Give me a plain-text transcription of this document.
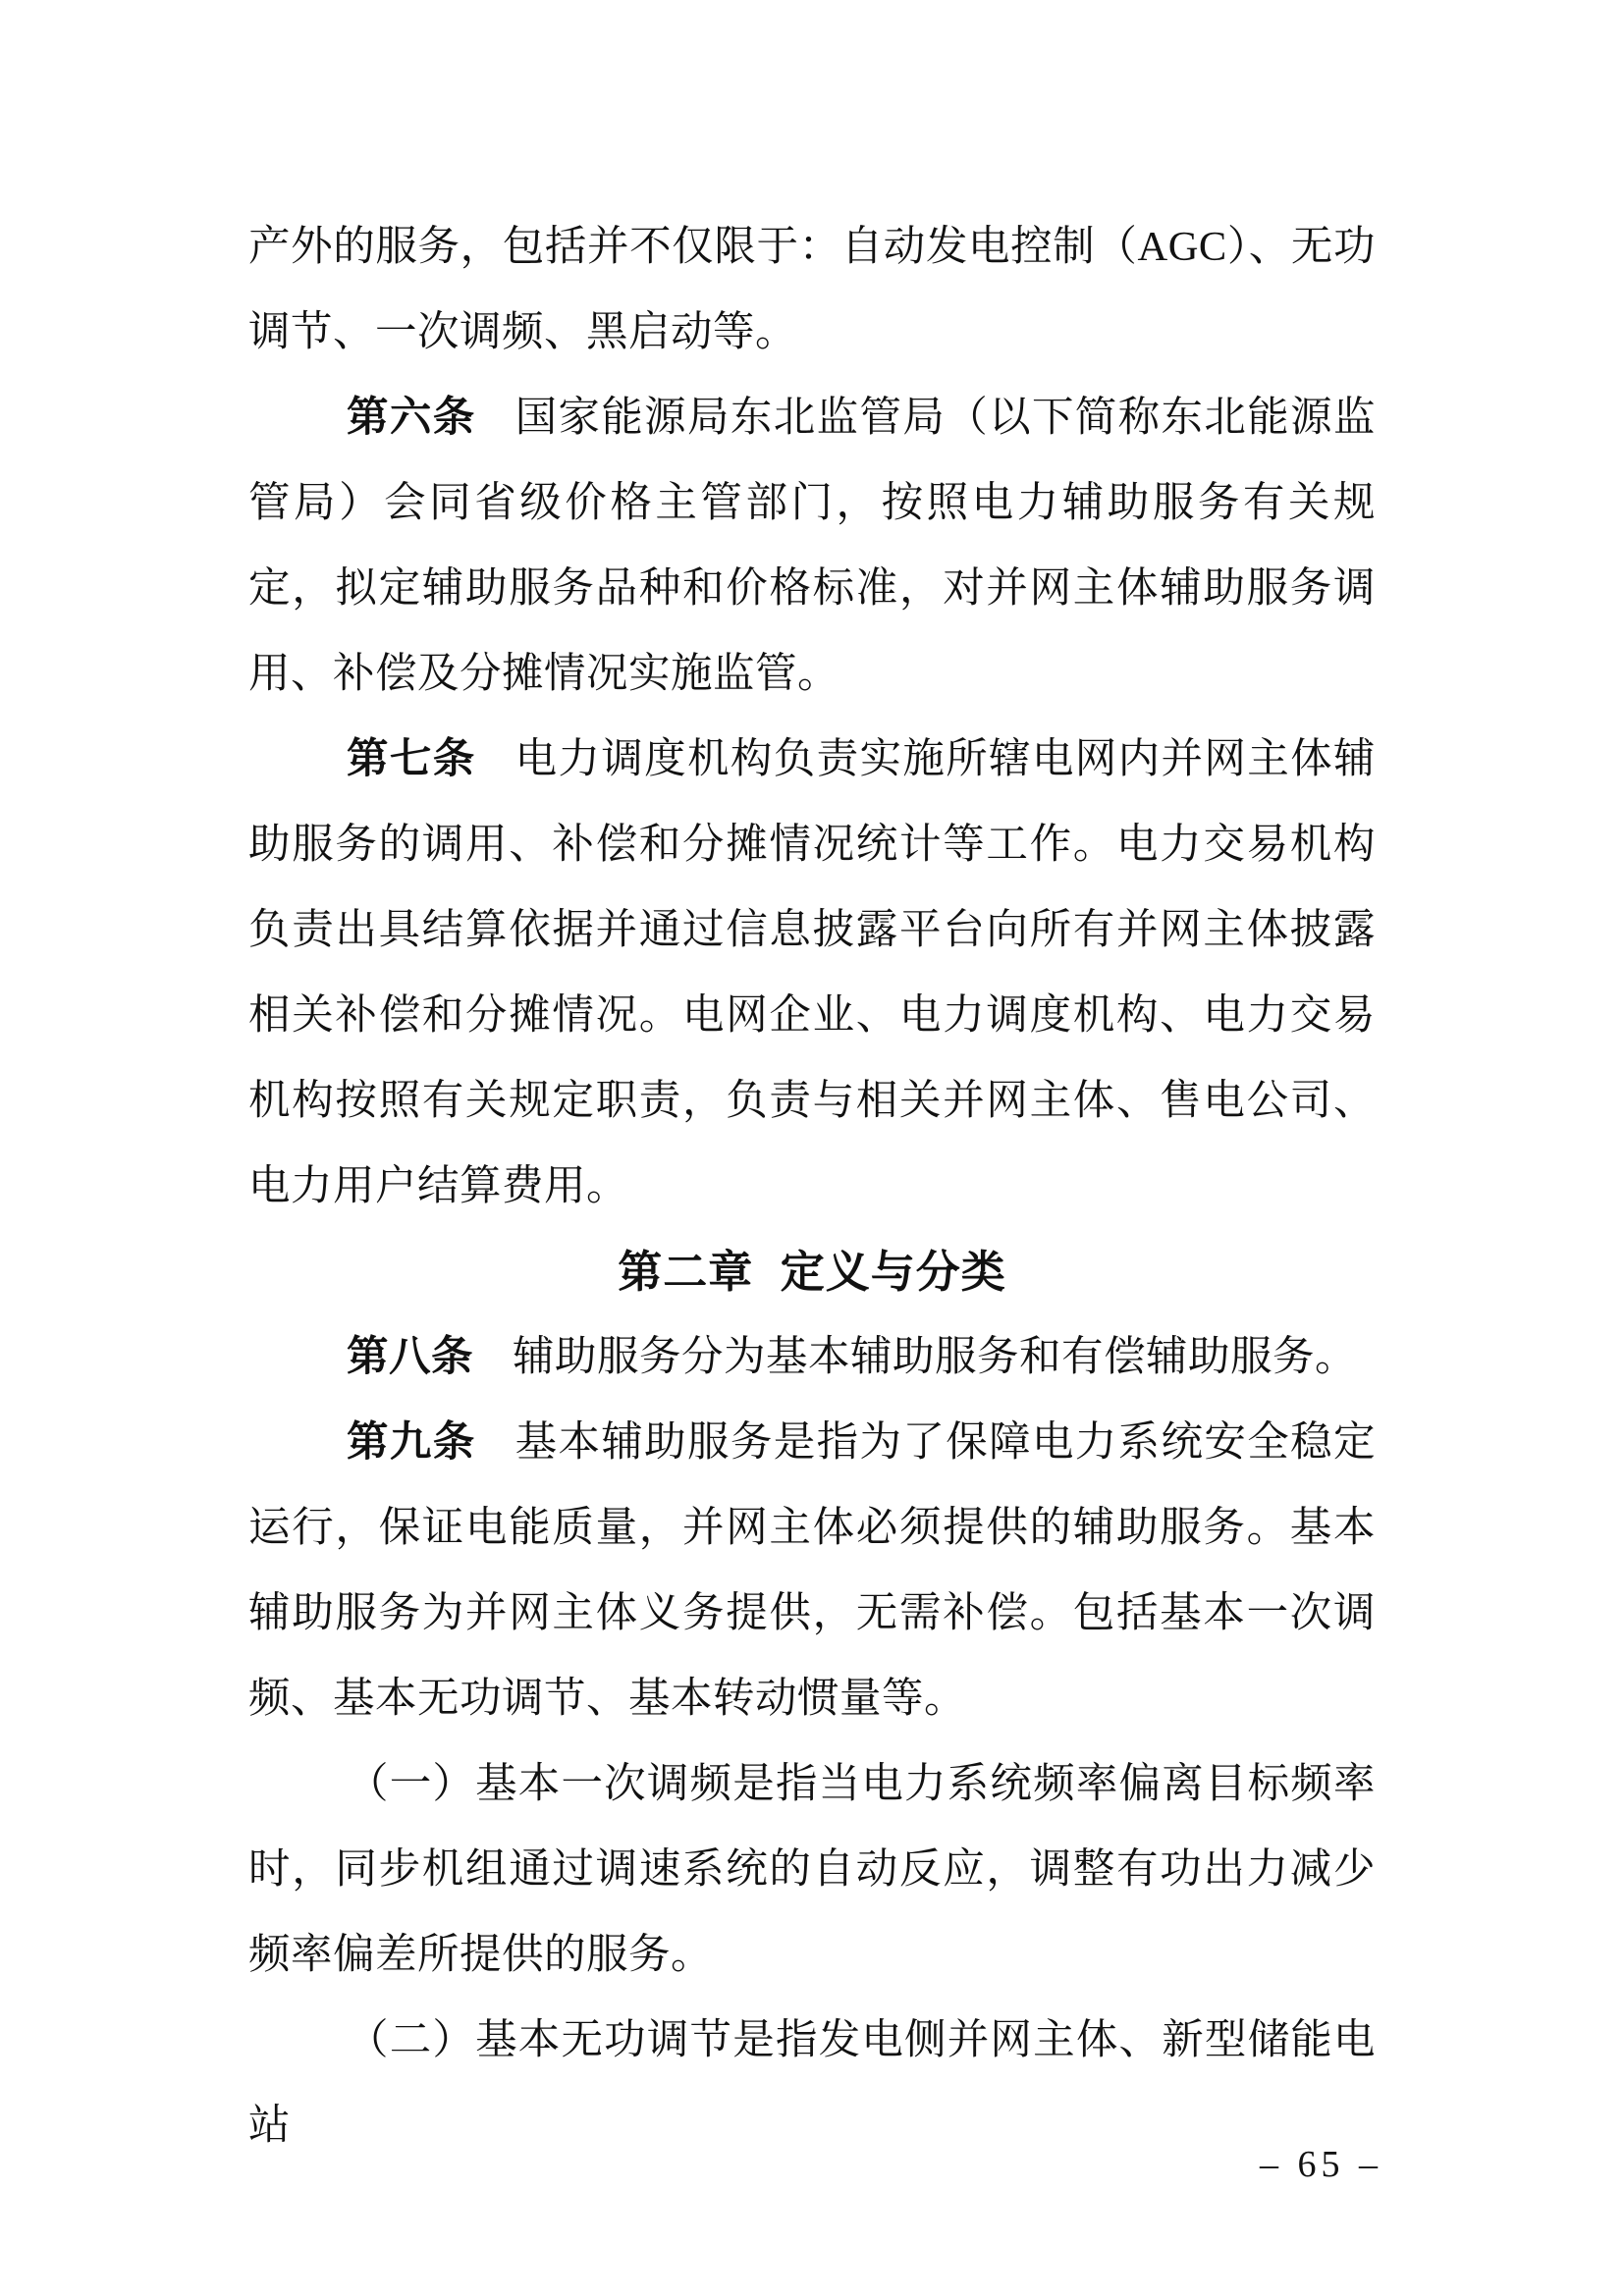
产外的服务，包括并不仅限于：自动发电控制（AGC）、无功调节、一次调频、黑启动等。

第六条 国家能源局东北监管局（以下简称东北能源监管局）会同省级价格主管部门，按照电力辅助服务有关规定，拟定辅助服务品种和价格标准，对并网主体辅助服务调用、补偿及分摊情况实施监管。

第七条 电力调度机构负责实施所辖电网内并网主体辅助服务的调用、补偿和分摊情况统计等工作。电力交易机构负责出具结算依据并通过信息披露平台向所有并网主体披露相关补偿和分摊情况。电网企业、电力调度机构、电力交易机构按照有关规定职责，负责与相关并网主体、售电公司、电力用户结算费用。

第二章 定义与分类

第八条 辅助服务分为基本辅助服务和有偿辅助服务。

第九条 基本辅助服务是指为了保障电力系统安全稳定运行，保证电能质量，并网主体必须提供的辅助服务。基本辅助服务为并网主体义务提供，无需补偿。包括基本一次调频、基本无功调节、基本转动惯量等。

（一）基本一次调频是指当电力系统频率偏离目标频率时，同步机组通过调速系统的自动反应，调整有功出力减少频率偏差所提供的服务。

（二）基本无功调节是指发电侧并网主体、新型储能电站

– 65 –
